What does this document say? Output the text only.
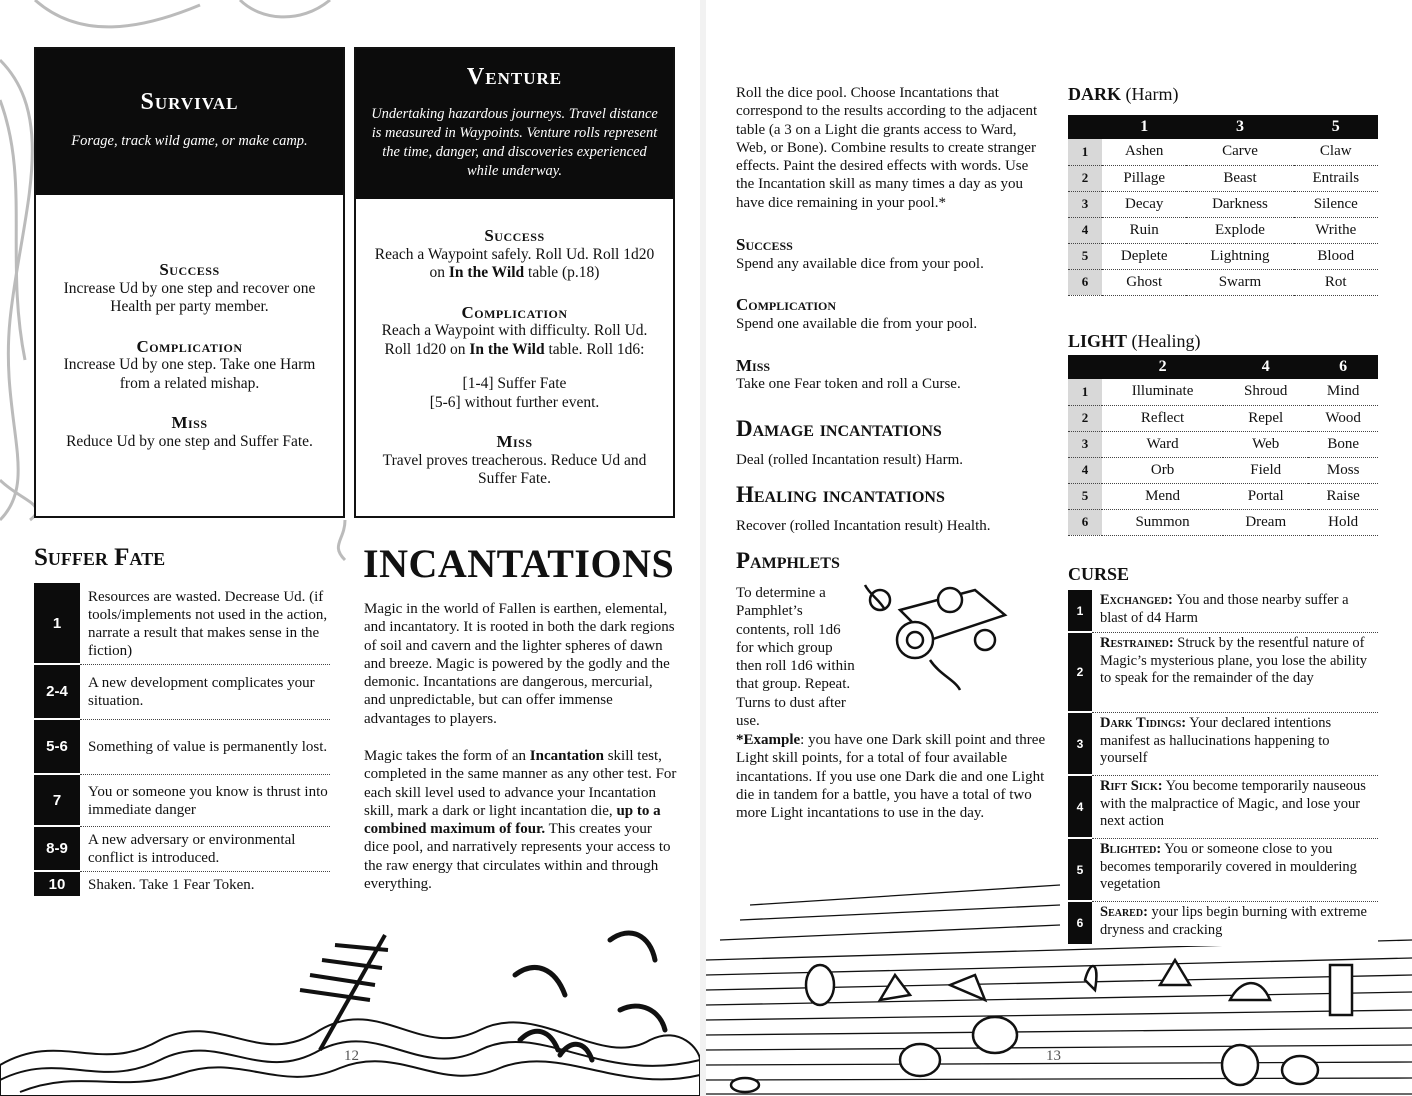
Survival
Forage, track wild game, or make camp.
Success
Increase Ud by one step and recover one Health per party member.
Complication
Increase Ud by one step. Take one Harm from a related mishap.
Miss
Reduce Ud by one step and Suffer Fate.
Venture
Undertaking hazardous journeys. Travel distance is measured in Waypoints. Venture rolls represent the time, danger, and discoveries experienced while underway.
Success
Reach a Waypoint safely. Roll Ud. Roll 1d20 on In the Wild table (p.18)
Complication
Reach a Waypoint with difficulty. Roll Ud. Roll 1d20 on In the Wild table. Roll 1d6:
[1-4] Suffer Fate
[5-6] without further event.
Miss
Travel proves treacherous. Reduce Ud and Suffer Fate.
Suffer Fate
1
Resources are wasted. Decrease Ud. (if tools/implements not used in the action, narrate a result that makes sense in the fiction)
2-4	A new development complicates your situation.
5-6	Something of value is permanently lost.
7	You or someone you know is thrust into immediate danger
8-9	A new adversary or environmental conflict is introduced.
10	Shaken. Take 1 Fear Token.
INCANTATIONS
Magic in the world of Fallen is earthen, elemental, and incantatory. It is rooted in both the dark regions of soil and cavern and the lighter spheres of dawn and breeze. Magic is powered by the godly and the demonic. Incantations are dangerous, mercurial, and unpredictable, but can offer immense advantages to players.
Magic takes the form of an Incantation skill test, completed in the same manner as any other test. For each skill level used to advance your Incantation skill, mark a dark or light incantation die, up to a combined maximum of four. This creates your dice pool, and narratively represents your access to the raw energy that circulates within and through everything.
12
Roll the dice pool. Choose Incantations that correspond to the results according to the adjacent table (a 3 on a Light die grants access to Ward, Web, or Bone). Combine results to create stranger effects. Paint the desired effects with words. Use the Incantation skill as many times a day as you have dice remaining in your pool.*
Success
Spend any available dice from your pool.
Complication
Spend one available die from your pool.
Miss
Take one Fear token and roll a Curse.
Damage incantations
Deal (rolled Incantation result) Harm.
Healing incantations
Recover (rolled Incantation result) Health.
Pamphlets
To determine a Pamphlet’s contents, roll 1d6 for which group then roll 1d6 within that group. Repeat. Turns to dust after use.
*Example: you have one Dark skill point and three Light skill points, for a total of four available incantations. If you use one Dark die and one Light die in tandem for a battle, you have a total of two more Light incantations to use in the day.
13
DARK (Harm)
	1	3	5
1	Ashen	Carve	Claw
2	Pillage	Beast	Entrails
3	Decay	Darkness	Silence
4	Ruin	Explode	Writhe
5	Deplete	Lightning	Blood
6	Ghost	Swarm	Rot
LIGHT (Healing)
	2	4	6
1	Illuminate	Shroud	Mind
2	Reflect	Repel	Wood
3	Ward	Web	Bone
4	Orb	Field	Moss
5	Mend	Portal	Raise
6	Summon	Dream	Hold
CURSE
1
Exchanged: You and those nearby suffer a blast of d4 Harm
2
Restrained: Struck by the resentful nature of Magic’s mysterious plane, you lose the ability to speak for the remainder of the day
3
Dark Tidings: Your declared intentions manifest as hallucinations happening to yourself
4
Rift Sick: You become temporarily nauseous with the malpractice of Magic, and lose your next action
5
Blighted: You or someone close to you becomes temporarily covered in mouldering vegetation
6
Seared: your lips begin burning with extreme dryness and cracking
